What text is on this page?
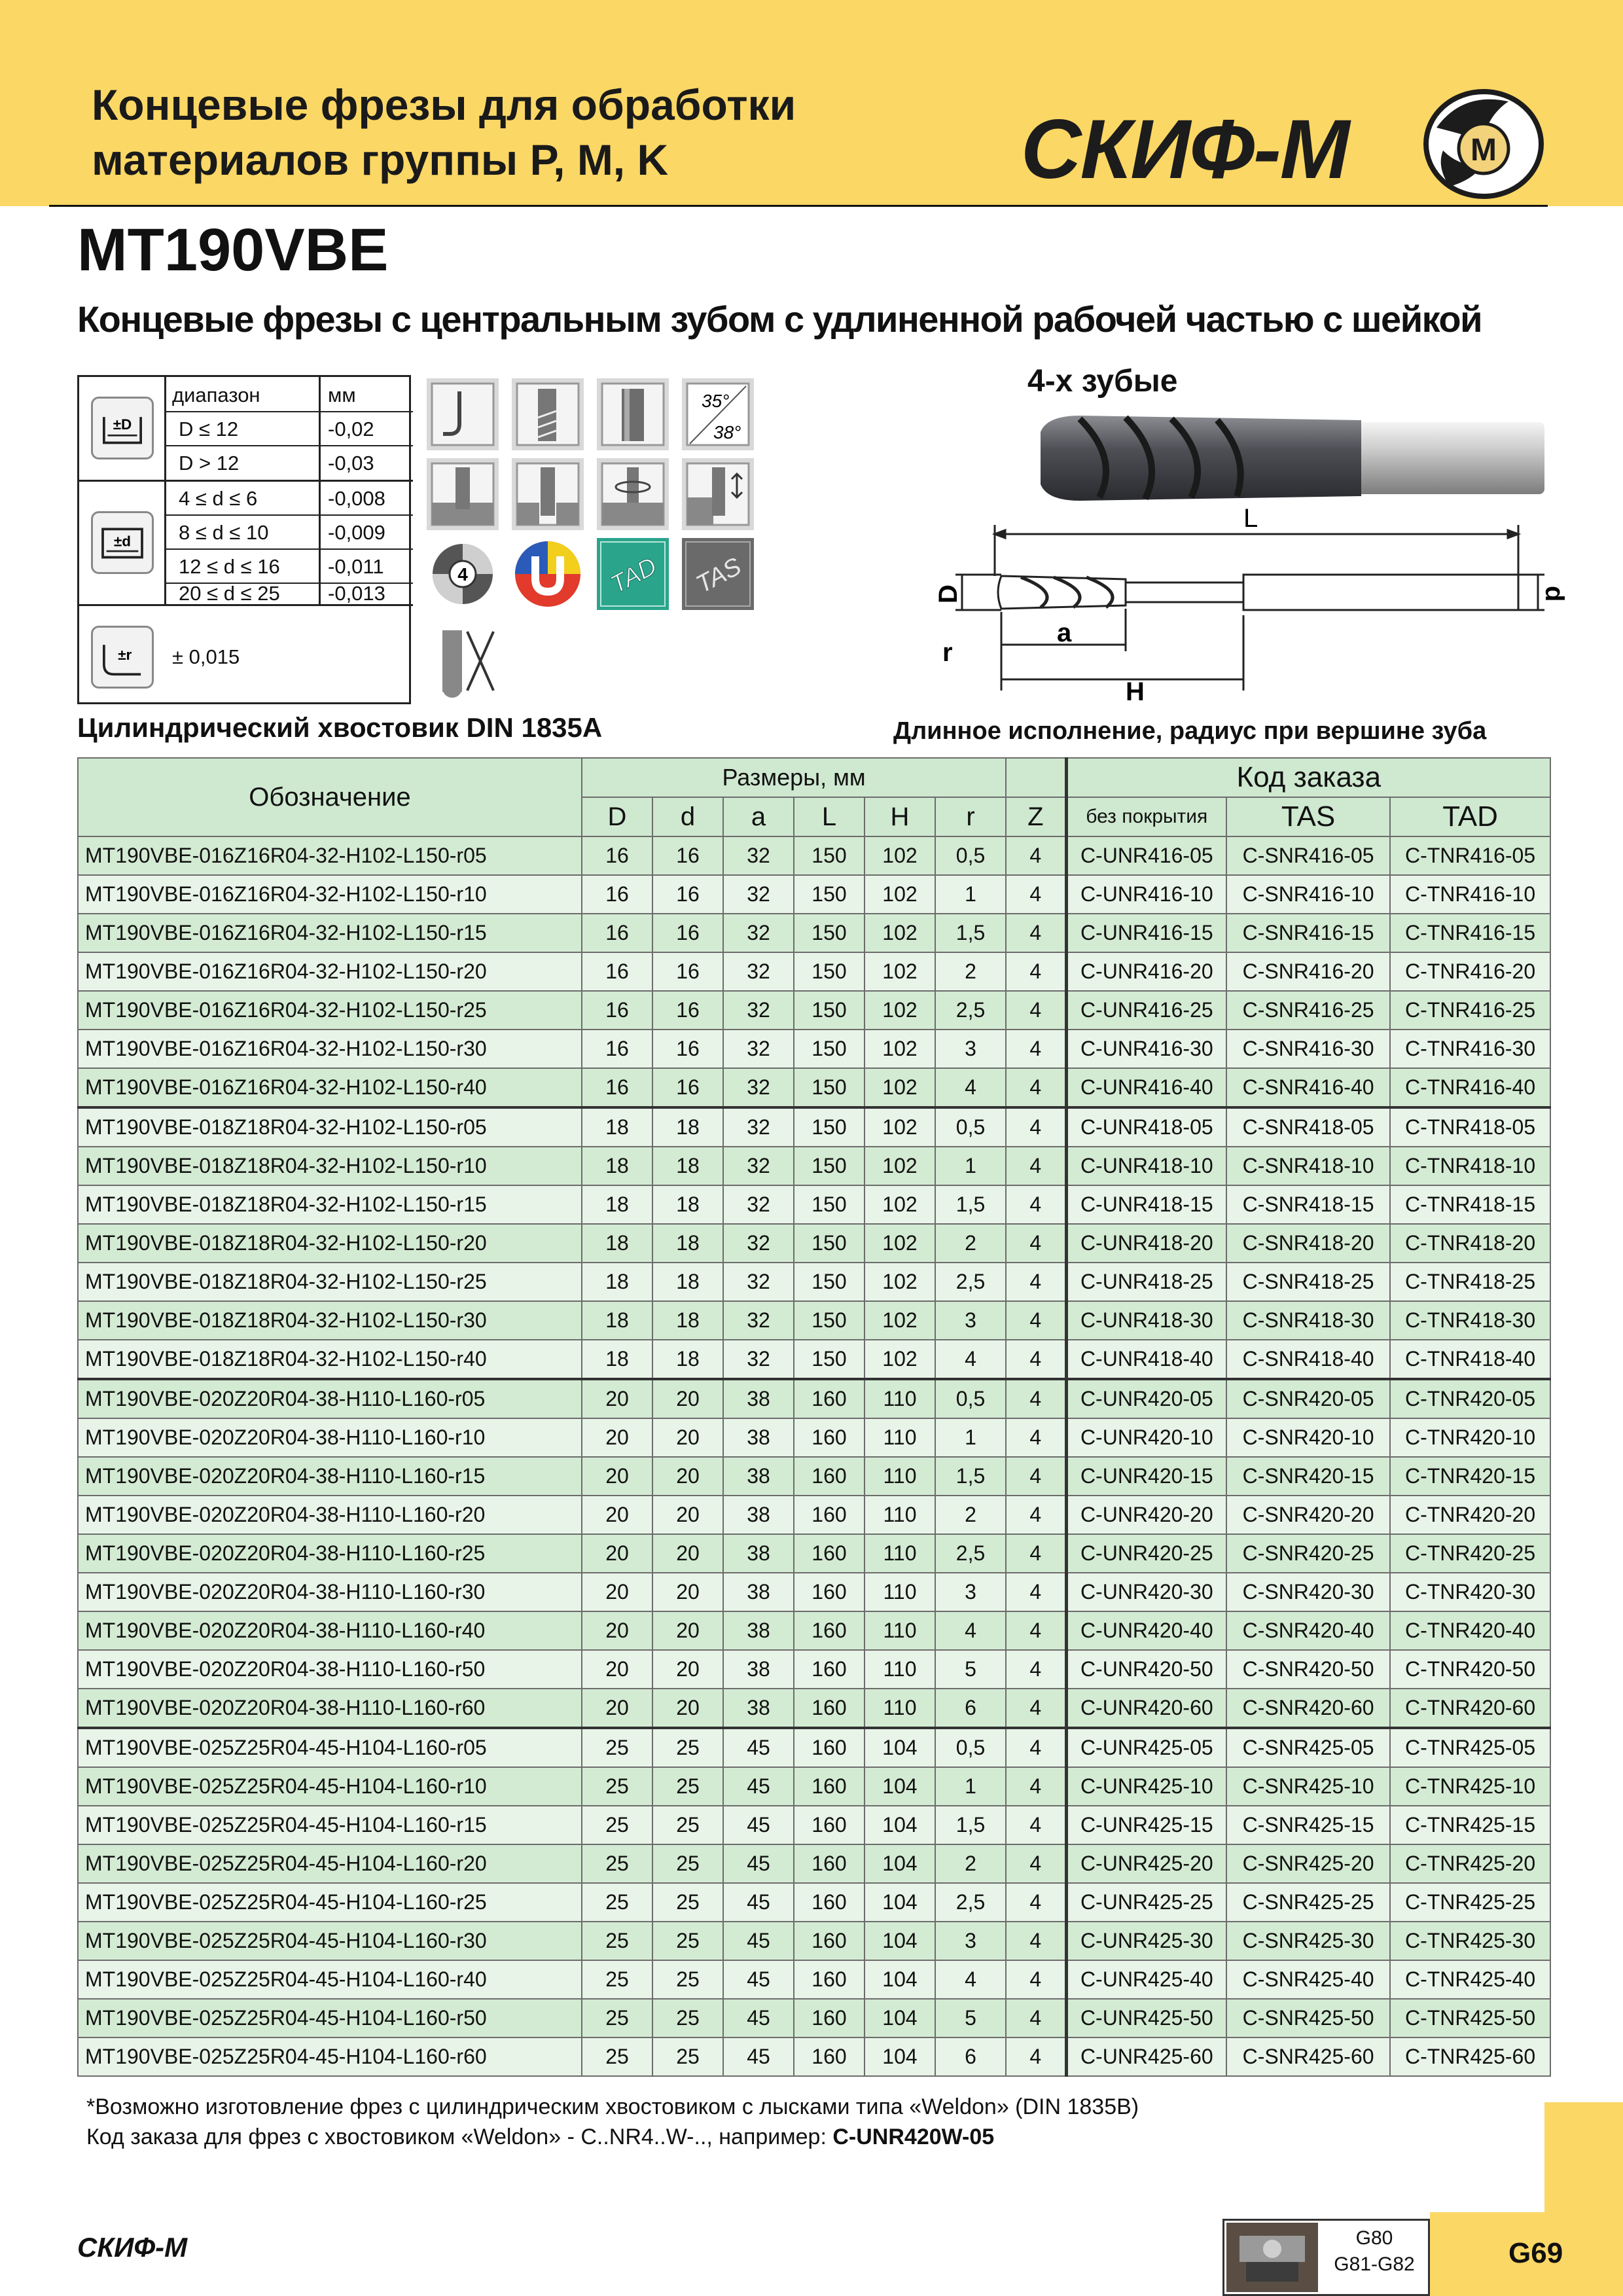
Концевые фрезы для обработки
материалов группы P, M, K	СКИФ-М	M
MT190VBE
Концевые фрезы с центральным зубом с удлиненной рабочей частью с шейкой
диапазон	мм
±D D ≤ 12	-0,02
D > 12	-0,03
±d
4 ≤ d ≤ 6	-0,008
8 ≤ d ≤ 10	-0,009
12 ≤ d ≤ 16 -0,011
20 ≤ d ≤ 25 -0,013
±r ± 0,015
35°
38°
4	TAD TAS
4-х зубые
L
D	d
r
a
H
Цилиндрический хвостовик DIN 1835A	Длинное исполнение, радиус при вершине зуба
Обозначение	Размеры, мм							Код заказа		
	D	d	a	L	H	r	Z	без покрытия	TAS	TAD
MT190VBE-016Z16R04-32-H102-L150-r05	16	16	32	150	102	0,5	4	C-UNR416-05	C-SNR416-05	C-TNR416-05
MT190VBE-016Z16R04-32-H102-L150-r10	16	16	32	150	102	1	4	C-UNR416-10	C-SNR416-10	C-TNR416-10
MT190VBE-016Z16R04-32-H102-L150-r15	16	16	32	150	102	1,5	4	C-UNR416-15	C-SNR416-15	C-TNR416-15
MT190VBE-016Z16R04-32-H102-L150-r20	16	16	32	150	102	2	4	C-UNR416-20	C-SNR416-20	C-TNR416-20
MT190VBE-016Z16R04-32-H102-L150-r25	16	16	32	150	102	2,5	4	C-UNR416-25	C-SNR416-25	C-TNR416-25
MT190VBE-016Z16R04-32-H102-L150-r30	16	16	32	150	102	3	4	C-UNR416-30	C-SNR416-30	C-TNR416-30
MT190VBE-016Z16R04-32-H102-L150-r40	16	16	32	150	102	4	4	C-UNR416-40	C-SNR416-40	C-TNR416-40
MT190VBE-018Z18R04-32-H102-L150-r05	18	18	32	150	102	0,5	4	C-UNR418-05	C-SNR418-05	C-TNR418-05
MT190VBE-018Z18R04-32-H102-L150-r10	18	18	32	150	102	1	4	C-UNR418-10	C-SNR418-10	C-TNR418-10
MT190VBE-018Z18R04-32-H102-L150-r15	18	18	32	150	102	1,5	4	C-UNR418-15	C-SNR418-15	C-TNR418-15
MT190VBE-018Z18R04-32-H102-L150-r20	18	18	32	150	102	2	4	C-UNR418-20	C-SNR418-20	C-TNR418-20
MT190VBE-018Z18R04-32-H102-L150-r25	18	18	32	150	102	2,5	4	C-UNR418-25	C-SNR418-25	C-TNR418-25
MT190VBE-018Z18R04-32-H102-L150-r30	18	18	32	150	102	3	4	C-UNR418-30	C-SNR418-30	C-TNR418-30
MT190VBE-018Z18R04-32-H102-L150-r40	18	18	32	150	102	4	4	C-UNR418-40	C-SNR418-40	C-TNR418-40
MT190VBE-020Z20R04-38-H110-L160-r05	20	20	38	160	110	0,5	4	C-UNR420-05	C-SNR420-05	C-TNR420-05
MT190VBE-020Z20R04-38-H110-L160-r10	20	20	38	160	110	1	4	C-UNR420-10	C-SNR420-10	C-TNR420-10
MT190VBE-020Z20R04-38-H110-L160-r15	20	20	38	160	110	1,5	4	C-UNR420-15	C-SNR420-15	C-TNR420-15
MT190VBE-020Z20R04-38-H110-L160-r20	20	20	38	160	110	2	4	C-UNR420-20	C-SNR420-20	C-TNR420-20
MT190VBE-020Z20R04-38-H110-L160-r25	20	20	38	160	110	2,5	4	C-UNR420-25	C-SNR420-25	C-TNR420-25
MT190VBE-020Z20R04-38-H110-L160-r30	20	20	38	160	110	3	4	C-UNR420-30	C-SNR420-30	C-TNR420-30
MT190VBE-020Z20R04-38-H110-L160-r40	20	20	38	160	110	4	4	C-UNR420-40	C-SNR420-40	C-TNR420-40
MT190VBE-020Z20R04-38-H110-L160-r50	20	20	38	160	110	5	4	C-UNR420-50	C-SNR420-50	C-TNR420-50
MT190VBE-020Z20R04-38-H110-L160-r60	20	20	38	160	110	6	4	C-UNR420-60	C-SNR420-60	C-TNR420-60
MT190VBE-025Z25R04-45-H104-L160-r05	25	25	45	160	104	0,5	4	C-UNR425-05	C-SNR425-05	C-TNR425-05
MT190VBE-025Z25R04-45-H104-L160-r10	25	25	45	160	104	1	4	C-UNR425-10	C-SNR425-10	C-TNR425-10
MT190VBE-025Z25R04-45-H104-L160-r15	25	25	45	160	104	1,5	4	C-UNR425-15	C-SNR425-15	C-TNR425-15
MT190VBE-025Z25R04-45-H104-L160-r20	25	25	45	160	104	2	4	C-UNR425-20	C-SNR425-20	C-TNR425-20
MT190VBE-025Z25R04-45-H104-L160-r25	25	25	45	160	104	2,5	4	C-UNR425-25	C-SNR425-25	C-TNR425-25
MT190VBE-025Z25R04-45-H104-L160-r30	25	25	45	160	104	3	4	C-UNR425-30	C-SNR425-30	C-TNR425-30
MT190VBE-025Z25R04-45-H104-L160-r40	25	25	45	160	104	4	4	C-UNR425-40	C-SNR425-40	C-TNR425-40
MT190VBE-025Z25R04-45-H104-L160-r50	25	25	45	160	104	5	4	C-UNR425-50	C-SNR425-50	C-TNR425-50
MT190VBE-025Z25R04-45-H104-L160-r60	25	25	45	160	104	6	4	C-UNR425-60	C-SNR425-60	C-TNR425-60
*Возможно изготовление фрез с цилиндрическим хвостовиком с лысками типа «Weldon» (DIN 1835B)
Код заказа для фрез с хвостовиком «Weldon» - C..NR4..W-.., например: C-UNR420W-05
СКИФ-М	G80
G81-G82	G69
